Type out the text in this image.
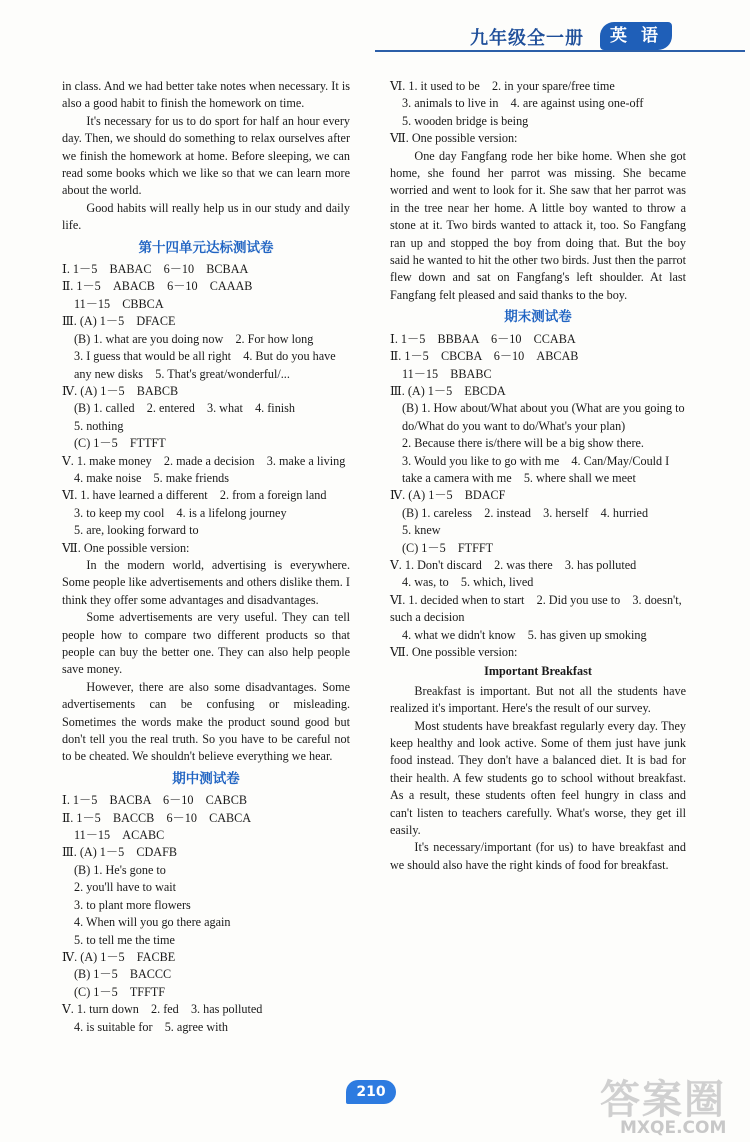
九年级全一册	英 语

in class. And we had better take notes when necessary. It is also a good habit to finish the homework on time.

It's necessary for us to do sport for half an hour every day. Then, we should do something to relax ourselves after we finish the homework at home. Before sleeping, we can read some books which we like so that we can learn more about the world.

Good habits will really help us in our study and daily life.

第十四单元达标测试卷
Ⅰ. 1－5　BABAC　6－10　BCBAA
Ⅱ. 1－5　ABACB　6－10　CAAAB
11－15　CBBCA
Ⅲ. (A) 1－5　DFACE
(B) 1. what are you doing now　2. For how long
3. I guess that would be all right　4. But do you have any new disks　5. That's great/wonderful/...
Ⅳ. (A) 1－5　BABCB
(B) 1. called　2. entered　3. what　4. finish
5. nothing
(C) 1－5　FTTFT
Ⅴ. 1. make money　2. made a decision　3. make a living
4. make noise　5. make friends
Ⅵ. 1. have learned a different　2. from a foreign land
3. to keep my cool　4. is a lifelong journey
5. are, looking forward to
Ⅶ. One possible version:

In the modern world, advertising is everywhere. Some people like advertisements and others dislike them. I think they offer some advantages and disadvantages.

Some advertisements are very useful. They can tell people how to compare two different products so that people can buy the better one. They can also help people save money.

However, there are also some disadvantages. Some advertisements can be confusing or misleading. Sometimes the words make the product sound good but don't tell you the real truth. So you have to be careful not to be cheated. We shouldn't believe everything we hear.

期中测试卷
Ⅰ. 1－5　BACBA　6－10　CABCB
Ⅱ. 1－5　BACCB　6－10　CABCA
11－15　ACABC
Ⅲ. (A) 1－5　CDAFB
(B) 1. He's gone to
2. you'll have to wait
3. to plant more flowers
4. When will you go there again
5. to tell me the time
Ⅳ. (A) 1－5　FACBE
(B) 1－5　BACCC
(C) 1－5　TFFTF
Ⅴ. 1. turn down　2. fed　3. has polluted
4. is suitable for　5. agree with
Ⅵ. 1. it used to be　2. in your spare/free time
3. animals to live in　4. are against using one-off
5. wooden bridge is being
Ⅶ. One possible version:

One day Fangfang rode her bike home. When she got home, she found her parrot was missing. She became worried and went to look for it. She saw that her parrot was in the tree near her home. A little boy wanted to throw a stone at it. Two birds wanted to attack it, too. So Fangfang ran up and stopped the boy from doing that. But the boy said he wanted to hit the other two birds. Just then the parrot flew down and sat on Fangfang's left shoulder. At last Fangfang felt pleased and said thanks to the boy.

期末测试卷
Ⅰ. 1－5　BBBAA　6－10　CCABA
Ⅱ. 1－5　CBCBA　6－10　ABCAB
11－15　BBABC
Ⅲ. (A) 1－5　EBCDA
(B) 1. How about/What about you (What are you going to do/What do you want to do/What's your plan)
2. Because there is/there will be a big show there.
3. Would you like to go with me　4. Can/May/Could I take a camera with me　5. where shall we meet
Ⅳ. (A) 1－5　BDACF
(B) 1. careless　2. instead　3. herself　4. hurried
5. knew
(C) 1－5　FTFFT
Ⅴ. 1. Don't discard　2. was there　3. has polluted
4. was, to　5. which, lived
Ⅵ. 1. decided when to start　2. Did you use to　3. doesn't, such a decision
4. what we didn't know　5. has given up smoking
Ⅶ. One possible version:
Important Breakfast

Breakfast is important. But not all the students have realized it's important. Here's the result of our survey.

Most students have breakfast regularly every day. They keep healthy and look active. Some of them just have junk food instead. They don't have a balanced diet. It is bad for their health. A few students go to school without breakfast. As a result, these students often feel hungry in class and can't listen to teachers carefully. What's worse, they get ill easily.

It's necessary/important (for us) to have breakfast and we should also have the right kinds of food for breakfast.

210	答案圈
MXQE.COM
